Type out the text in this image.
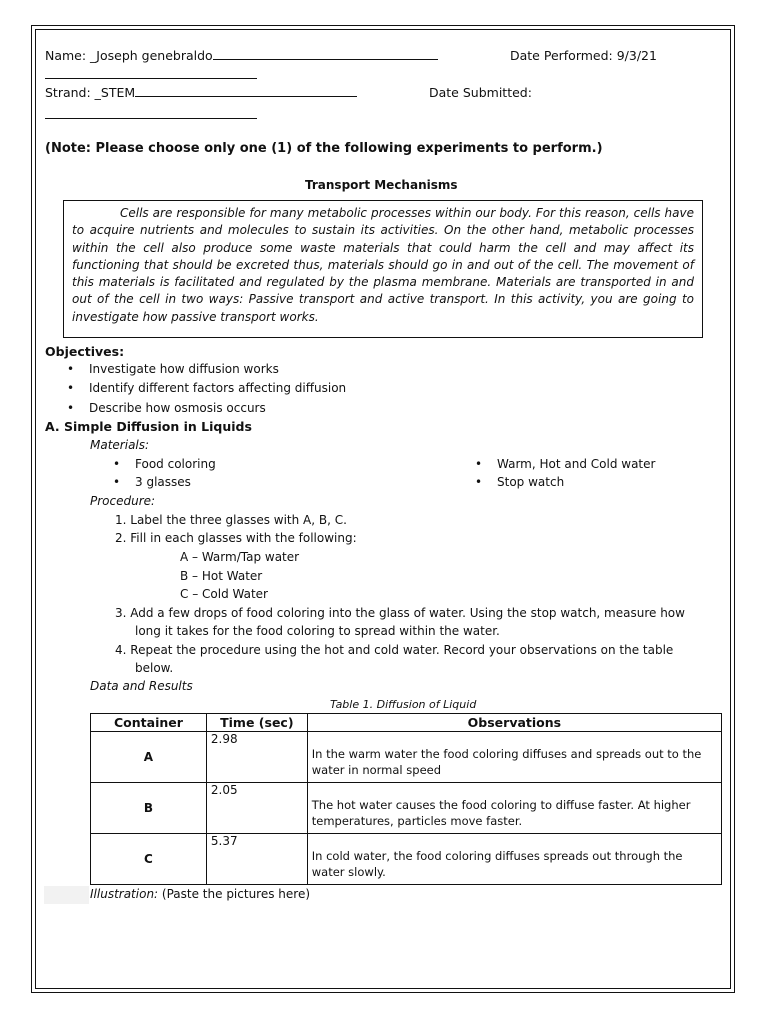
Name: _Joseph genebraldo	Date Performed: 9/3/21
Strand: _STEM	Date Submitted:
(Note: Please choose only one (1) of the following experiments to perform.)
Transport Mechanisms
Cells are responsible for many metabolic processes within our body. For this reason, cells have to acquire nutrients and molecules to sustain its activities. On the other hand, metabolic processes within the cell also produce some waste materials that could harm the cell and may affect its functioning that should be excreted thus, materials should go in and out of the cell. The movement of this materials is facilitated and regulated by the plasma membrane. Materials are transported in and out of the cell in two ways: Passive transport and active transport. In this activity, you are going to investigate how passive transport works.
Objectives:
• Investigate how diffusion works
• Identify different factors affecting diffusion
• Describe how osmosis occurs
A. Simple Diffusion in Liquids
Materials:
• Food coloring
• 3 glasses
• Warm, Hot and Cold water
• Stop watch
Procedure:
1. Label the three glasses with A, B, C.
2. Fill in each glasses with the following:
A – Warm/Tap water
B – Hot Water
C – Cold Water
3. Add a few drops of food coloring into the glass of water. Using the stop watch, measure how
long it takes for the food coloring to spread within the water.
4. Repeat the procedure using the hot and cold water. Record your observations on the table
below.
Data and Results
Table 1. Diffusion of Liquid
Container	Time (sec)	Observations
A	2.98	In the warm water the food coloring diffuses and spreads out to the water in normal speed
B	2.05	The hot water causes the food coloring to diffuse faster. At higher temperatures, particles move faster.
C	5.37	In cold water, the food coloring diffuses spreads out through the water slowly.
Illustration: (Paste the pictures here)
